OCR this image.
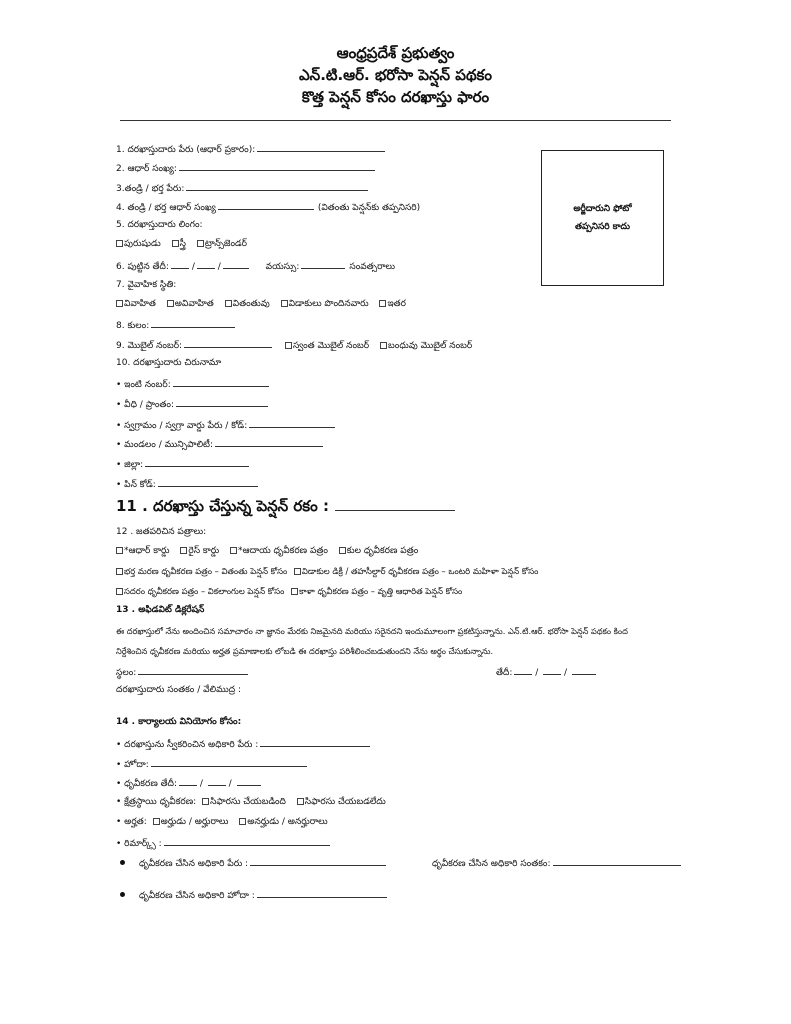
ఆంధ్రప్రదేశ్ ప్రభుత్వం
ఎన్.టి.ఆర్. భరోసా పెన్షన్ పథకం
కొత్త పెన్షన్ కోసం దరఖాస్తు ఫారం
అర్జీదారుని ఫోటో
తప్పనిసరి కాదు
1. దరఖాస్తుదారు పేరు (ఆధార్ ప్రకారం):
2. ఆధార్ సంఖ్య:
3.తండ్రి / భర్త పేరు:
4. తండ్రి / భర్త ఆధార్ సంఖ్య	(వితంతు పెన్షన్‌కు తప్పనిసరి)
5. దరఖాస్తుదారు లింగం:
పురుషుడు స్త్రీ ట్రాన్స్‌జెండర్
6. పుట్టిన తేదీ:	/	/	వయస్సు:	సంవత్సరాలు
7. వైవాహిక స్థితి:
వివాహిత అవివాహిత వితంతువు విడాకులు పొందినవారు ఇతర
8. కులం:
9. మొబైల్ నంబర్:	స్వంత మొబైల్ నంబర్ బంధువు మొబైల్ నంబర్
10. దరఖాస్తుదారు చిరునామా
• ఇంటి నంబర్:
• వీధి / ప్రాంతం:
• స్వగ్రామం / స్వగ్రా వార్డు పేరు / కోడ్:
• మండలం / మున్సిపాలిటీ:
• జిల్లా:
• పిన్ కోడ్:
11 . దరఖాస్తు చేస్తున్న పెన్షన్ రకం :
12 . జతపరిచిన పత్రాలు:
*ఆధార్ కార్డు రైస్ కార్డు *ఆదాయ ధృవీకరణ పత్రం కుల ధృవీకరణ పత్రం
భర్త మరణ ధృవీకరణ పత్రం – వితంతు పెన్షన్ కోసం విడాకుల డిక్రీ / తహసీల్దార్ ధృవీకరణ పత్రం – ఒంటరి మహిళా పెన్షన్ కోసం
సదరం ధృవీకరణ పత్రం – వికలాంగుల పెన్షన్ కోసం కాళా ధృవీకరణ పత్రం – వృత్తి ఆధారిత పెన్షన్ కోసం
13 . అఫిడవిట్ డిక్లరేషన్
ఈ దరఖాస్తులో నేను అందించిన సమాచారం నా జ్ఞానం మేరకు నిజమైనది మరియు సరైనదని ఇందుమూలంగా ప్రకటిస్తున్నాను. ఎన్.టి.ఆర్. భరోసా పెన్షన్ పథకం కింద
నిర్దేశించిన ధృవీకరణ మరియు అర్హత ప్రమాణాలకు లోబడి ఈ దరఖాస్తు పరిశీలించబడుతుందని నేను అర్థం చేసుకున్నాను.
స్థలం:	తేదీ: /  /
దరఖాస్తుదారు సంతకం / వేలిముద్ర :
14 . కార్యాలయ వినియోగం కోసం:
• దరఖాస్తును స్వీకరించిన అధికారి పేరు :
• హోదా:
• ధృవీకరణ తేదీ: /  /
• క్షేత్రస్థాయి ధృవీకరణ: సిఫారసు చేయబడింది సిఫారసు చేయబడలేదు
• అర్హత: అర్హుడు / అర్హురాలు అనర్హుడు / అనర్హురాలు
• రిమార్క్స్ :
ధృవీకరణ చేసిన అధికారి పేరు :	ధృవీకరణ చేసిన అధికారి సంతకం:
ధృవీకరణ చేసిన అధికారి హోదా :
